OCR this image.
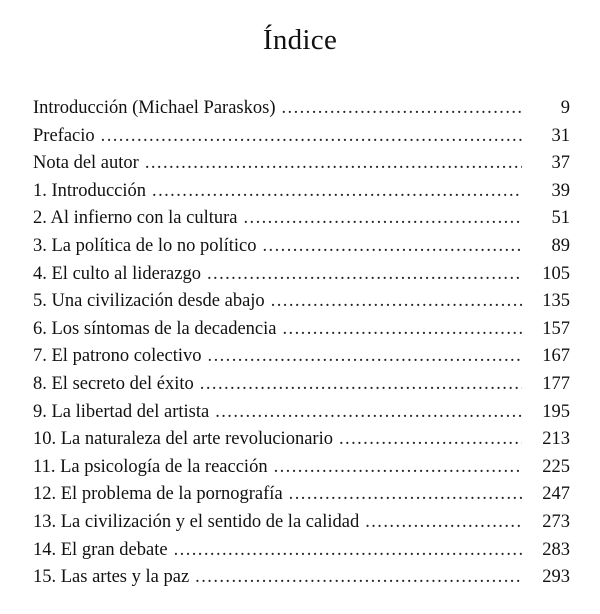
Índice
Introducción (Michael Paraskos) . . .	9
Prefacio . . .	31
Nota del autor . . .	37
1. Introducción . . .	39
2. Al infierno con la cultura . . .	51
3. La política de lo no político . . .	89
4. El culto al liderazgo . . .	105
5. Una civilización desde abajo . . .	135
6. Los síntomas de la decadencia . . .	157
7. El patrono colectivo . . .	167
8. El secreto del éxito . . .	177
9. La libertad del artista . . .	195
10. La naturaleza del arte revolucionario . . .	213
11. La psicología de la reacción . . .	225
12. El problema de la pornografía . . .	247
13. La civilización y el sentido de la calidad . . .	273
14. El gran debate . . .	283
15. Las artes y la paz . . .	293
